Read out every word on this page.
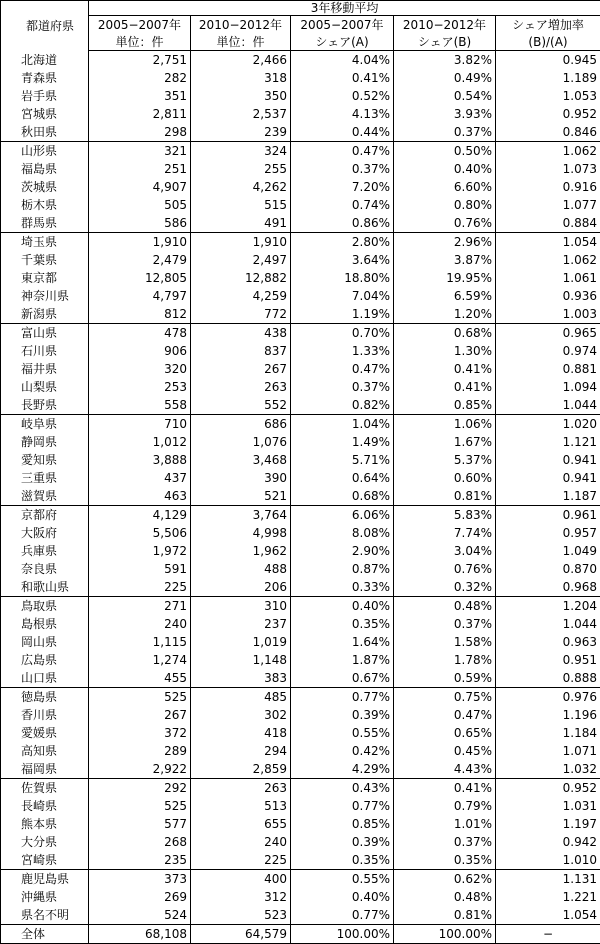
都道府県	3年移動平均				
	2005−2007年	2010−2012年	2005−2007年	2010−2012年	シェア増加率
	単位：件	単位：件	シェア(A)	シェア(B)	(B)/(A)
北海道	2,751	2,466	4.04%	3.82%	0.945
青森県	282	318	0.41%	0.49%	1.189
岩手県	351	350	0.52%	0.54%	1.053
宮城県	2,811	2,537	4.13%	3.93%	0.952
秋田県	298	239	0.44%	0.37%	0.846
山形県	321	324	0.47%	0.50%	1.062
福島県	251	255	0.37%	0.40%	1.073
茨城県	4,907	4,262	7.20%	6.60%	0.916
栃木県	505	515	0.74%	0.80%	1.077
群馬県	586	491	0.86%	0.76%	0.884
埼玉県	1,910	1,910	2.80%	2.96%	1.054
千葉県	2,479	2,497	3.64%	3.87%	1.062
東京都	12,805	12,882	18.80%	19.95%	1.061
神奈川県	4,797	4,259	7.04%	6.59%	0.936
新潟県	812	772	1.19%	1.20%	1.003
富山県	478	438	0.70%	0.68%	0.965
石川県	906	837	1.33%	1.30%	0.974
福井県	320	267	0.47%	0.41%	0.881
山梨県	253	263	0.37%	0.41%	1.094
長野県	558	552	0.82%	0.85%	1.044
岐阜県	710	686	1.04%	1.06%	1.020
静岡県	1,012	1,076	1.49%	1.67%	1.121
愛知県	3,888	3,468	5.71%	5.37%	0.941
三重県	437	390	0.64%	0.60%	0.941
滋賀県	463	521	0.68%	0.81%	1.187
京都府	4,129	3,764	6.06%	5.83%	0.961
大阪府	5,506	4,998	8.08%	7.74%	0.957
兵庫県	1,972	1,962	2.90%	3.04%	1.049
奈良県	591	488	0.87%	0.76%	0.870
和歌山県	225	206	0.33%	0.32%	0.968
鳥取県	271	310	0.40%	0.48%	1.204
島根県	240	237	0.35%	0.37%	1.044
岡山県	1,115	1,019	1.64%	1.58%	0.963
広島県	1,274	1,148	1.87%	1.78%	0.951
山口県	455	383	0.67%	0.59%	0.888
徳島県	525	485	0.77%	0.75%	0.976
香川県	267	302	0.39%	0.47%	1.196
愛媛県	372	418	0.55%	0.65%	1.184
高知県	289	294	0.42%	0.45%	1.071
福岡県	2,922	2,859	4.29%	4.43%	1.032
佐賀県	292	263	0.43%	0.41%	0.952
長崎県	525	513	0.77%	0.79%	1.031
熊本県	577	655	0.85%	1.01%	1.197
大分県	268	240	0.39%	0.37%	0.942
宮崎県	235	225	0.35%	0.35%	1.010
鹿児島県	373	400	0.55%	0.62%	1.131
沖縄県	269	312	0.40%	0.48%	1.221
県名不明	524	523	0.77%	0.81%	1.054
全体	68,108	64,579	100.00%	100.00%	−
